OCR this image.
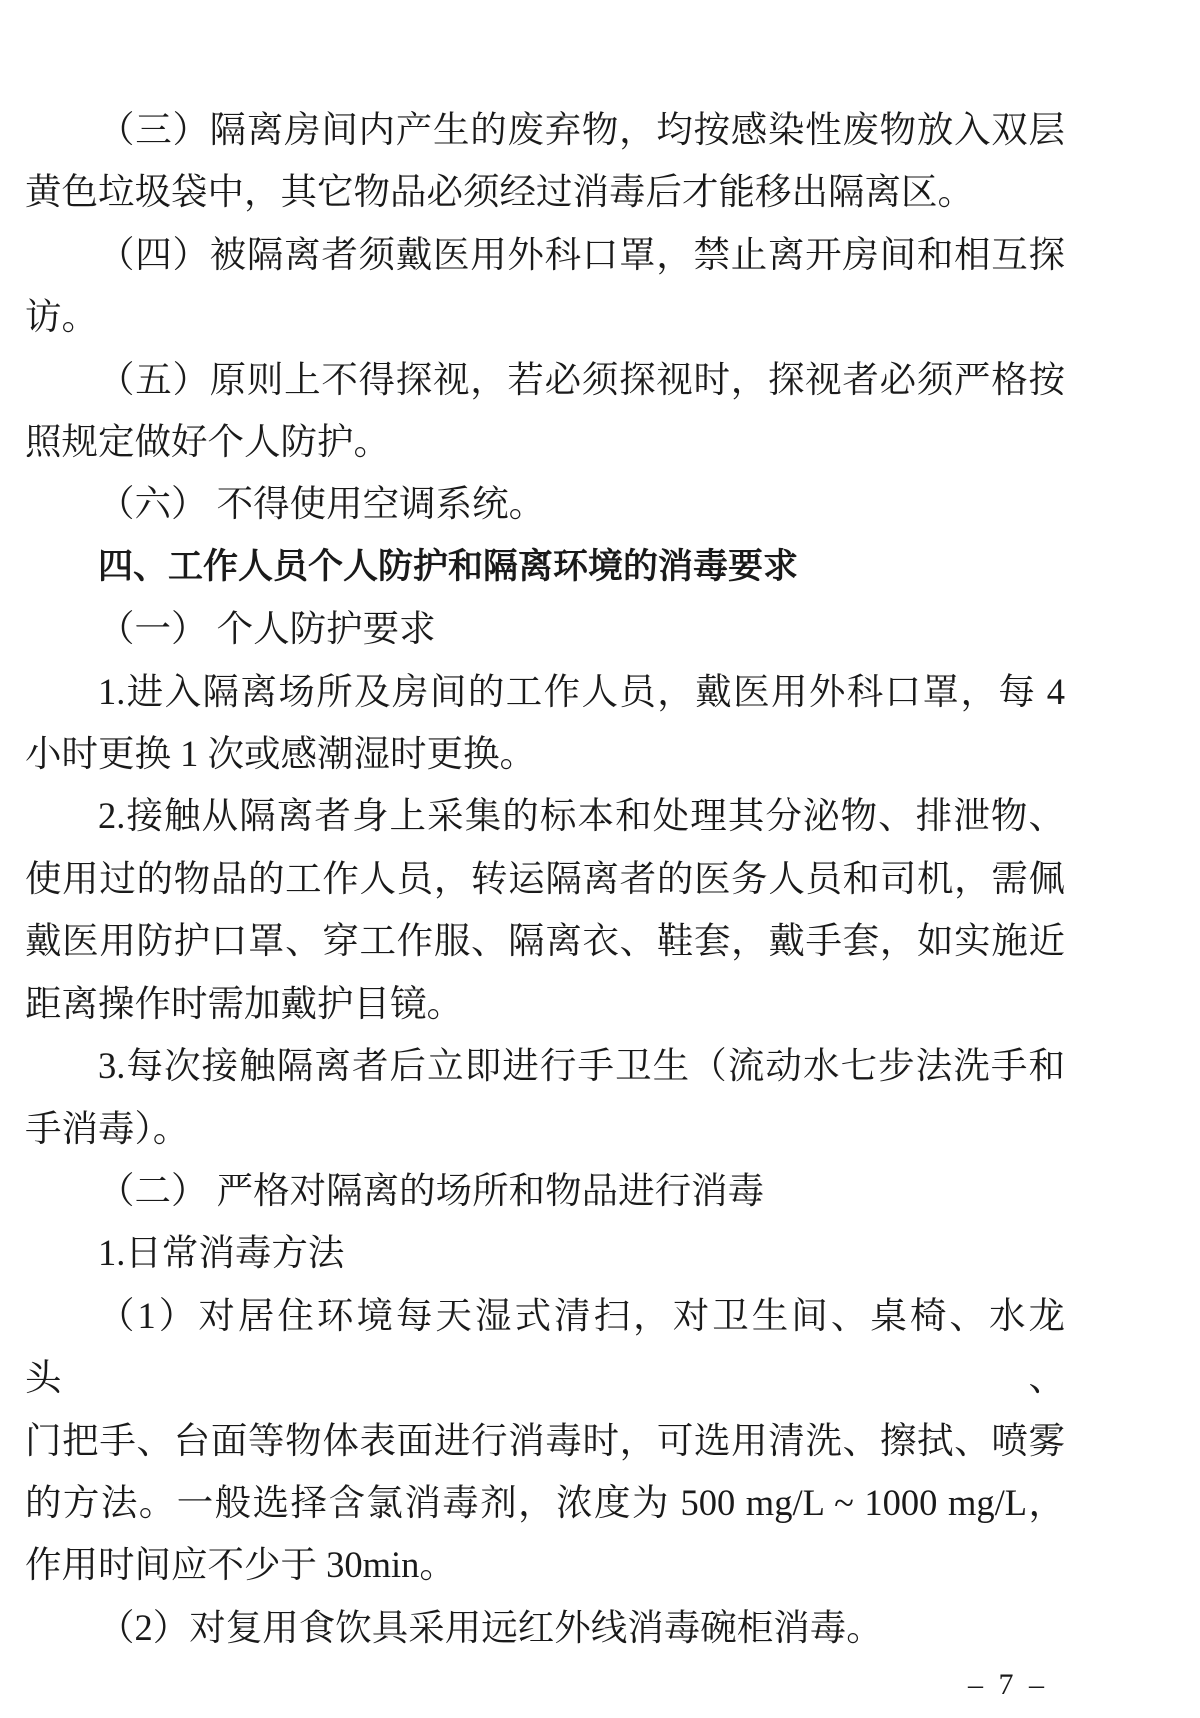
（三）隔离房间内产生的废弃物，均按感染性废物放入双层
黄色垃圾袋中，其它物品必须经过消毒后才能移出隔离区。
（四）被隔离者须戴医用外科口罩，禁止离开房间和相互探
访。
（五）原则上不得探视，若必须探视时，探视者必须严格按
照规定做好个人防护。
（六） 不得使用空调系统。
四、工作人员个人防护和隔离环境的消毒要求
（一） 个人防护要求
1.进入隔离场所及房间的工作人员，戴医用外科口罩，每 4
小时更换 1 次或感潮湿时更换。
2.接触从隔离者身上采集的标本和处理其分泌物、排泄物、
使用过的物品的工作人员，转运隔离者的医务人员和司机，需佩
戴医用防护口罩、穿工作服、隔离衣、鞋套，戴手套，如实施近
距离操作时需加戴护目镜。
3.每次接触隔离者后立即进行手卫生（流动水七步法洗手和
手消毒）。
（二） 严格对隔离的场所和物品进行消毒
1.日常消毒方法
（1）对居住环境每天湿式清扫，对卫生间、桌椅、水龙头、
门把手、台面等物体表面进行消毒时，可选用清洗、擦拭、喷雾
的方法。一般选择含氯消毒剂，浓度为 500 mg/L ~ 1000 mg/L，
作用时间应不少于 30min。
（2）对复用食饮具采用远红外线消毒碗柜消毒。
– 7 –
